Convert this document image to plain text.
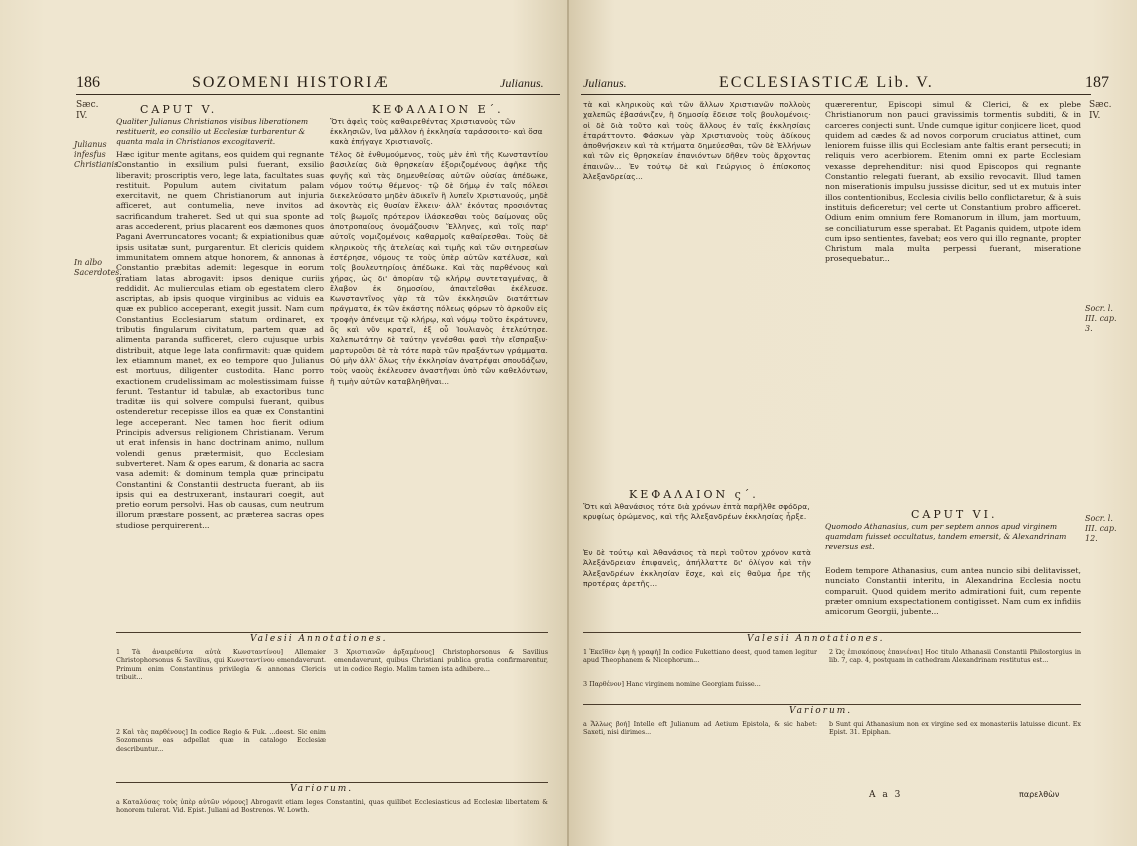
186	SOZOMENI HISTORIÆ	Julianus.
Sæc.
IV.
Julianus infesfus Christianis.
In albo Sacerdotes.
CAPUT V.
Qualiter Julianus Christianos visibus liberationem restituerit, eo consilio ut Ecclesiæ turbarentur & quanta mala in Christianos excogitaverit.

Hæc igitur mente agitans, eos quidem qui regnante Constantio in exsilium pulsi fuerant, exsilio liberavit; proscriptis vero, lege lata, facultates suas restituit. Populum autem civitatum palam exercitavit, ne quem Christianorum aut injuria afficeret, aut contumelia, neve invitos ad sacrificandum traheret. Sed ut qui sua sponte ad aras accederent, prius placarent eos dæmones quos Pagani Averruncatores vocant; & expiationibus quæ ipsis usitatæ sunt, purgarentur. Et clericis quidem immunitatem omnem atque honorem, & annonas à Constantio præbitas ademit: legesque in eorum gratiam latas abrogavit: ipsos denique curiis reddidit. Ac mulierculas etiam ob egestatem clero ascriptas, ab ipsis quoque virginibus ac viduis ea quæ ex publico acceperant, exegit jussit. Nam cum Constantius Ecclesiarum statum ordinaret, ex tributis fingularum civitatum, partem quæ ad alimenta paranda sufficeret, clero cujusque urbis distribuit, atque lege lata confirmavit: quæ quidem lex etiamnum manet, ex eo tempore quo Julianus est mortuus, diligenter custodita. Hanc porro exactionem crudelissimam ac molestissimam fuisse ferunt. Testantur id tabulæ, ab exactoribus tunc traditæ iis qui solvere compulsi fuerant, quibus ostenderetur recepisse illos ea quæ ex Constantini lege acceperant. Nec tamen hoc fierit odium Principis adversus religionem Christianam. Verum ut erat infensis in hanc doctrinam animo, nullum volendi genus prætermisit, quo Ecclesiam subverteret. Nam & opes earum, & donaria ac sacra vasa ademit: & dominum templa quæ principatu Constantini & Constantii destructa fuerant, ab iis ipsis qui ea destruxerant, instaurari coegit, aut pretio eorum persolvi. Has ob causas, cum neutrum illorum præstare possent, ac præterea sacras opes studiose perquirerent...

ΚΕΦΑΛΑΙΟΝ Ε΄.
Ὅτι ἀφεὶς τοὺς καθαιρεθέντας Χριστιανοὺς τῶν ἐκκλησιῶν, ἵνα μᾶλλον ἡ ἐκκλησία ταράσσοιτο· καὶ ὅσα κακὰ ἐπήγαγε Χριστιανοῖς.

Τέλος δὲ ἐνθυμούμενος, τοὺς μὲν ἐπὶ τῆς Κωνσταντίου βασιλείας διὰ θρησκείαν ἐξοριζομένους ἀφῆκε τῆς φυγῆς καὶ τὰς δημευθείσας αὐτῶν οὐσίας ἀπέδωκε, νόμον τούτῳ θέμενος· τῷ δὲ δήμῳ ἐν ταῖς πόλεσι διεκελεύσατο μηδὲν ἀδικεῖν ἢ λυπεῖν Χριστιανούς, μηδὲ ἀκοντὰς εἰς θυσίαν ἕλκειν· ἀλλ' ἐκόντας προσιόντας τοῖς βωμοῖς πρότερον ἱλάσκεσθαι τοὺς δαίμονας οὓς ἀποτροπαίους ὀνομάζουσιν Ἕλληνες, καὶ τοῖς παρ' αὐτοῖς νομιζομένοις καθαρμοῖς καθαίρεσθαι. Τοὺς δὲ κληρικοὺς τῆς ἀτελείας καὶ τιμῆς καὶ τῶν σιτηρεσίων ἐστέρησε, νόμους τε τοὺς ὑπὲρ αὐτῶν κατέλυσε, καὶ τοῖς βουλευτηρίοις ἀπέδωκε. Καὶ τὰς παρθένους καὶ χήρας, ὡς δι' ἀπορίαν τῷ κλήρῳ συντεταγμένας, ἃ ἔλαβον ἐκ δημοσίου, ἀπαιτεῖσθαι ἐκέλευσε. Κωνσταντῖνος γὰρ τὰ τῶν ἐκκλησιῶν διατάττων πράγματα, ἐκ τῶν ἑκάστης πόλεως φόρων τὸ ἀρκοῦν εἰς τροφὴν ἀπένειμε τῷ κλήρῳ, καὶ νόμῳ τοῦτο ἐκράτυνεν, ὃς καὶ νῦν κρατεῖ, ἐξ οὗ Ἰουλιανὸς ἐτελεύτησε. Χαλεπωτάτην δὲ ταύτην γενέσθαι φασὶ τὴν εἴσπραξιν· μαρτυροῦσι δὲ τὰ τότε παρὰ τῶν πραξάντων γράμματα. Οὐ μὴν ἀλλ' ὅλως τὴν ἐκκλησίαν ἀνατρέψαι σπουδάζων, τοὺς ναοὺς ἐκέλευσεν ἀναστῆναι ὑπὸ τῶν καθελόντων, ἢ τιμὴν αὐτῶν καταβληθῆναι...

Valesii Annotationes.
1 Τὰ ἀναιρεθέντα αὐτὰ Κωνσταντίνου] Allemaier Christophorsonus & Savilius, qui Κωνσταντίνου emendaverunt. Primum enim Constantinus privilegia & annonas Clericis tribuit...
2 Καὶ τὰς παρθένους] In codice Regio & Fuk. ...deest. Sic enim Sozomenus eas adpellat quæ in catalogo Ecclesiæ describuntur...
3 Χριστιανῶν ἀρξαμένους] Christophorsonus & Savilius emendaverunt, quibus Christiani publica gratia confirmarentur, ut in codice Regio. Malim tamen ista adhibere...
Variorum.
a Καταλύσας τοὺς ὑπὲρ αὐτῶν νόμους] Abrogavit etiam leges Constantini, quas quilibet Ecclesiasticus ad Ecclesiæ libertatem & honorem tulerat. Vid. Epist. Juliani ad Bostrenos. W. Lowth.
Julianus.	ECCLESIASTICÆ Lib. V.	187
Sæc.
IV.
Socr. l. III. cap. 3.
Socr. l. III. cap. 12.

τὰ καὶ κληρικοὺς καὶ τῶν ἄλλων Χριστιανῶν πολλοὺς χαλεπῶς ἐβασάνιζεν, ἢ δημοσίᾳ ἔδεισε τοῖς βουλομένοις· οἱ δὲ διὰ τοῦτο καὶ τοὺς ἄλλους ἐν ταῖς ἐκκλησίαις ἐταράττοντο. Φάσκων γὰρ Χριστιανοὺς τοὺς ἀδίκους ἀποθνήσκειν καὶ τὰ κτήματα δημεύεσθαι, τῶν δὲ Ἑλλήνων καὶ τῶν εἰς θρησκείαν ἐπανιόντων δῆθεν τοὺς ἄρχοντας ἐπαινῶν... Ἐν τούτῳ δὲ καὶ Γεώργιος ὁ ἐπίσκοπος Ἀλεξανδρείας...

ΚΕΦΑΛΑΙΟΝ ς΄.
Ὅτι καὶ Ἀθανάσιος τότε διὰ χρόνων ἑπτὰ παρῆλθε σφόδρα, κρυφίως ὁρώμενος, καὶ τῆς Ἀλεξανδρέων ἐκκλησίας ἦρξε.

Ἐν δὲ τούτῳ καὶ Ἀθανάσιος τὰ περὶ τοῦτον χρόνον κατὰ Ἀλεξάνδρειαν ἐπιφανεὶς, ἀπήλλαττε δι' ὀλίγον καὶ τὴν Ἀλεξανδρέων ἐκκλησίαν ἔσχε, καὶ εἰς θαῦμα ἦρε τῆς προτέρας ἀρετῆς...

quærerentur, Episcopi simul & Clerici, & ex plebe Christianorum non pauci gravissimis tormentis subditi, & in carceres conjecti sunt. Unde cumque igitur conjicere licet, quod quidem ad cædes & ad novos corporum cruciatus attinet, cum leniorem fuisse illis qui Ecclesiam ante faltis erant persecuti; in reliquis vero acerbiorem. Etenim omni ex parte Ecclesiam vexasse deprehenditur: nisi quod Episcopos qui regnante Constantio relegati fuerant, ab exsilio revocavit. Illud tamen non miserationis impulsu jussisse dicitur, sed ut ex mutuis inter illos contentionibus, Ecclesia civilis bello conflictaretur, & à suis instituis deficeretur; vel certe ut Constantium probro afficeret. Odium enim omnium fere Romanorum in illum, jam mortuum, se conciliaturum esse sperabat. Et Paganis quidem, utpote idem cum ipso sentientes, favebat; eos vero qui illo regnante, propter Christum mala multa perpessi fuerant, miseratione prosequebatur...

CAPUT VI.
Quomodo Athanasius, cum per septem annos apud virginem quamdam fuisset occultatus, tandem emersit, & Alexandrinam reversus est.

Eodem tempore Athanasius, cum antea nuncio sibi delitavisset, nunciato Constantii interitu, in Alexandrina Ecclesia noctu comparuit. Quod quidem merito admirationi fuit, cum repente præter omnium exspectationem contigisset. Nam cum ex infidiis amicorum Georgii, jubente...

Valesii Annotationes.
1 Ἐκεῖθεν ἐφη ἡ γραφὴ] In codice Fukettiano deest, quod tamen legitur apud Theophanem & Nicephorum...
2 Ὡς ἐπισκόπους ἐπανιέναι] Hoc titulo Athanasii Constantii Philostorgius in lib. 7, cap. 4, postquam in cathedram Alexandrinam restitutus est...
3 Παρθένον] Hanc virginem nomine Georgiam fuisse...
Variorum.
a Ἄλλως βοή] Intelle eft Julianum ad Aetium Epistola, & sic habet: Saxeti, nisi dirimes...
b Sunt qui Athanasium non ex virgine sed ex monasteriis latuisse dicunt. Ex Epist. 31. Epiphan.
A a 3	παρελθὼν
